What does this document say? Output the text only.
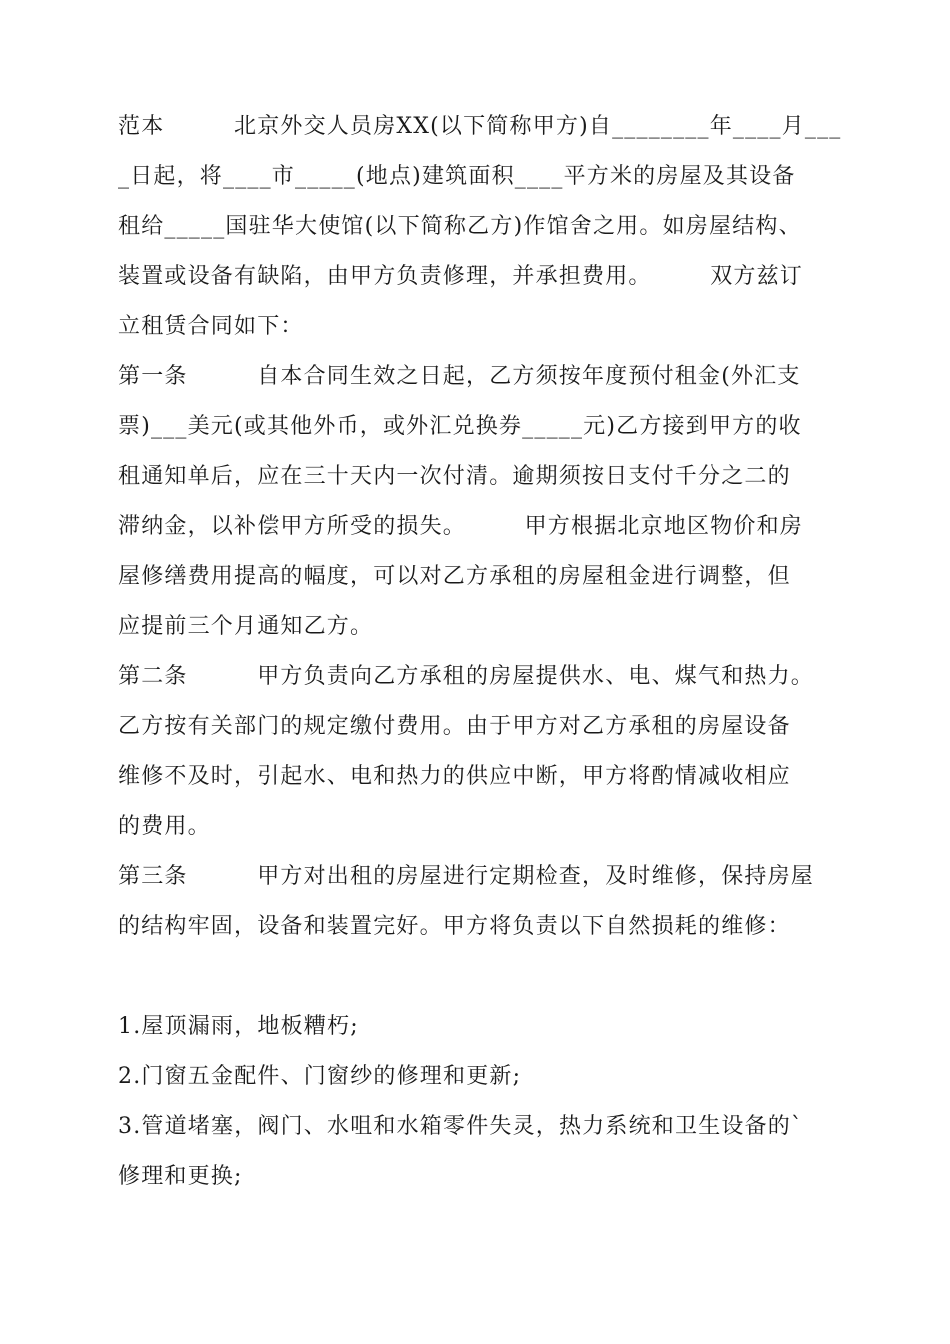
范本　　　北京外交人员房XX(以下简称甲方)自________年____月___
_日起，将____市_____(地点)建筑面积____平方米的房屋及其设备
租给_____国驻华大使馆(以下简称乙方)作馆舍之用。如房屋结构、
装置或设备有缺陷，由甲方负责修理，并承担费用。　　　双方兹订
立租赁合同如下：
第一条　　　自本合同生效之日起，乙方须按年度预付租金(外汇支
票)___美元(或其他外币，或外汇兑换券_____元)乙方接到甲方的收
租通知单后，应在三十天内一次付清。逾期须按日支付千分之二的
滞纳金，以补偿甲方所受的损失。　　　甲方根据北京地区物价和房
屋修缮费用提高的幅度，可以对乙方承租的房屋租金进行调整，但
应提前三个月通知乙方。
第二条　　　甲方负责向乙方承租的房屋提供水、电、煤气和热力。
乙方按有关部门的规定缴付费用。由于甲方对乙方承租的房屋设备
维修不及时，引起水、电和热力的供应中断，甲方将酌情减收相应
的费用。
第三条　　　甲方对出租的房屋进行定期检查，及时维修，保持房屋
的结构牢固，设备和装置完好。甲方将负责以下自然损耗的维修：
1.屋顶漏雨，地板糟朽;
2.门窗五金配件、门窗纱的修理和更新;
3.管道堵塞，阀门、水咀和水箱零件失灵，热力系统和卫生设备的`
修理和更换;
